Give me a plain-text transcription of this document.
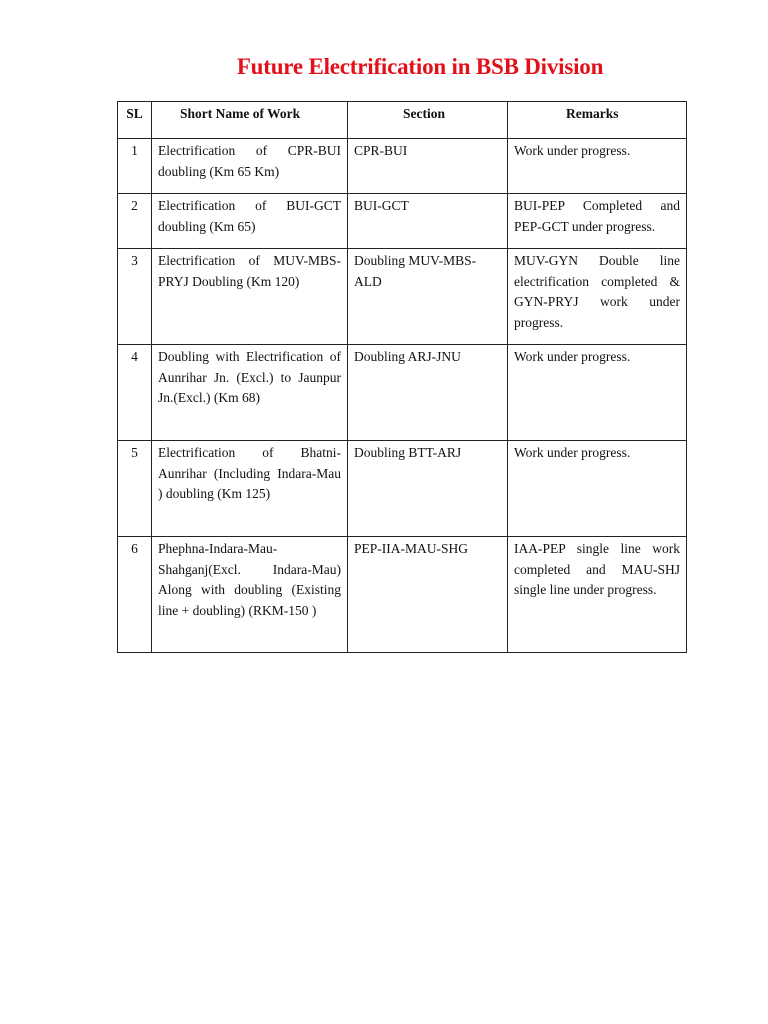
Future Electrification in BSB Division
SL	Short Name of Work	Section	Remarks
1	Electrification of CPR-BUI doubling (Km 65 Km)	CPR-BUI	Work under progress.
2	Electrification of BUI-GCT doubling (Km 65)	BUI-GCT	BUI-PEP Completed and PEP-GCT under progress.
3	Electrification of MUV-MBS-PRYJ Doubling (Km 120)	Doubling MUV-MBS-ALD	MUV-GYN Double line electrification completed & GYN-PRYJ work under progress.
4	Doubling with Electrification of Aunrihar Jn. (Excl.) to Jaunpur Jn.(Excl.) (Km 68)	Doubling ARJ-JNU	Work under progress.
5	Electrification of Bhatni-Aunrihar (Including Indara-Mau ) doubling (Km 125)	Doubling BTT-ARJ	Work under progress.
6	Phephna-Indara-Mau-Shahganj(Excl. Indara-Mau) Along with doubling (Existing line + doubling) (RKM-150 )	PEP-IIA-MAU-SHG	IAA-PEP single line work completed and MAU-SHJ single line under progress.
